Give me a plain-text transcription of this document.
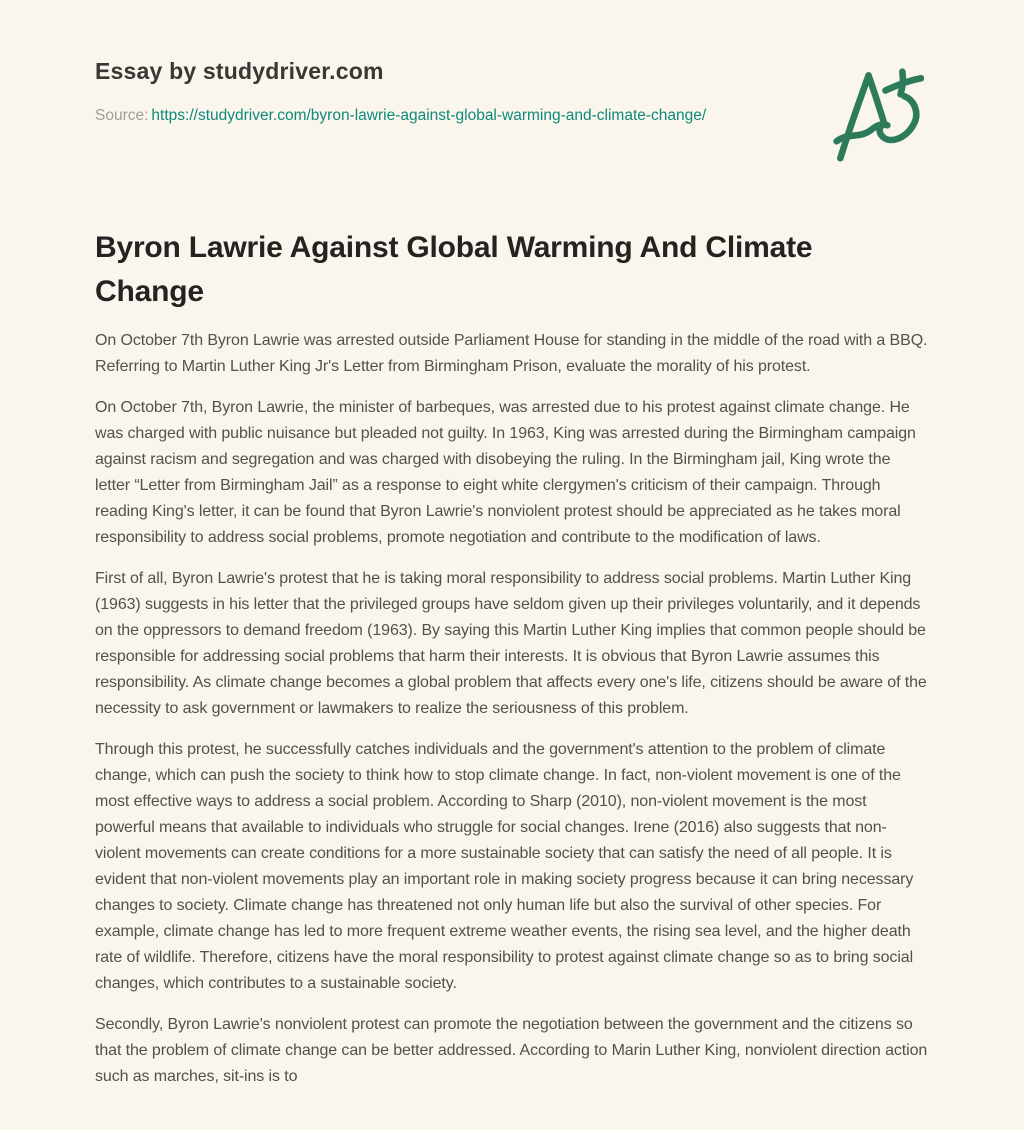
Essay by studydriver.com

Source: https://studydriver.com/byron-lawrie-against-global-warming-and-climate-change/

Byron Lawrie Against Global Warming And Climate Change

On October 7th Byron Lawrie was arrested outside Parliament House for standing in the middle of the road with a BBQ. Referring to Martin Luther King Jr's Letter from Birmingham Prison, evaluate the morality of his protest.

On October 7th, Byron Lawrie, the minister of barbeques, was arrested due to his protest against climate change. He was charged with public nuisance but pleaded not guilty. In 1963, King was arrested during the Birmingham campaign against racism and segregation and was charged with disobeying the ruling. In the Birmingham jail, King wrote the letter “Letter from Birmingham Jail” as a response to eight white clergymen's criticism of their campaign. Through reading King's letter, it can be found that Byron Lawrie's nonviolent protest should be appreciated as he takes moral responsibility to address social problems, promote negotiation and contribute to the modification of laws.

First of all, Byron Lawrie's protest that he is taking moral responsibility to address social problems. Martin Luther King (1963) suggests in his letter that the privileged groups have seldom given up their privileges voluntarily, and it depends on the oppressors to demand freedom (1963). By saying this Martin Luther King implies that common people should be responsible for addressing social problems that harm their interests. It is obvious that Byron Lawrie assumes this responsibility. As climate change becomes a global problem that affects every one's life, citizens should be aware of the necessity to ask government or lawmakers to realize the seriousness of this problem.

Through this protest, he successfully catches individuals and the government's attention to the problem of climate change, which can push the society to think how to stop climate change. In fact, non-violent movement is one of the most effective ways to address a social problem. According to Sharp (2010), non-violent movement is the most powerful means that available to individuals who struggle for social changes. Irene (2016) also suggests that non-violent movements can create conditions for a more sustainable society that can satisfy the need of all people. It is evident that non-violent movements play an important role in making society progress because it can bring necessary changes to society. Climate change has threatened not only human life but also the survival of other species. For example, climate change has led to more frequent extreme weather events, the rising sea level, and the higher death rate of wildlife. Therefore, citizens have the moral responsibility to protest against climate change so as to bring social changes, which contributes to a sustainable society.

Secondly, Byron Lawrie's nonviolent protest can promote the negotiation between the government and the citizens so that the problem of climate change can be better addressed. According to Marin Luther King, nonviolent direction action such as marches, sit-ins is to
